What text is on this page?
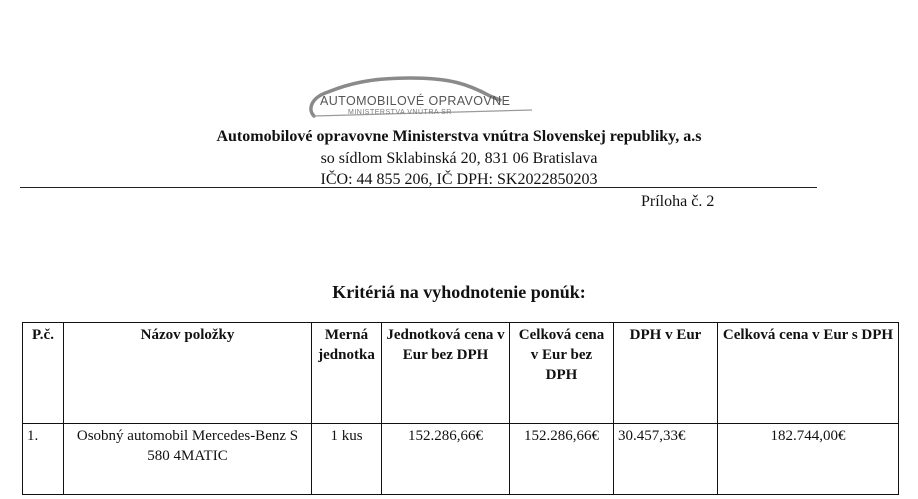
AUTOMOBILOVÉ OPRAVOVNE
MINISTERSTVA VNÚTRA SR
Automobilové opravovne Ministerstva vnútra Slovenskej republiky, a.s
so sídlom Sklabinská 20, 831 06 Bratislava
IČO: 44 855 206, IČ DPH: SK2022850203
Príloha č. 2
Kritériá na vyhodnotenie ponúk:
P.č.	Názov položky	Merná jednotka	Jednotková cena v Eur bez DPH	Celková cena v Eur bez DPH	DPH v Eur	Celková cena v Eur s DPH
1.	Osobný automobil Mercedes-Benz S 580 4MATIC	1 kus	152.286,66€	152.286,66€	30.457,33€	182.744,00€
